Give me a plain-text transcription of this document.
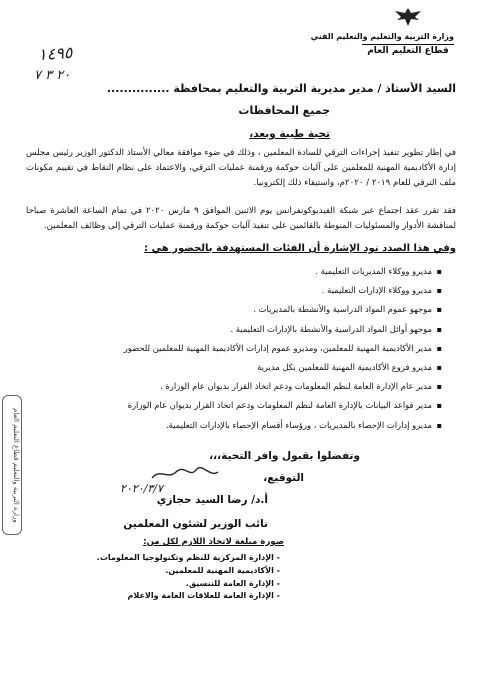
وزارة التربية والتعليم والتعليم الفني
قطاع التعليم العام
١٤٩٥
٢٠ ٣ ٧
السيد الأستاذ / مدير مديرية التربية والتعليم بمحافظة ...............
جميع المحافظات
تحية طيبة وبعد،
في إطار تطوير تنفيذ إجراءات الترقي للسادة المعلمين ، وذلك في ضوء موافقة معالي الأستاذ الدكتور الوزير رئيس مجلس إدارة الأكاديمية المهنية للمعلمين على آليات حوكمة ورقمنة عمليات الترقي، والاعتماد على نظام النقاط في تقييم مكونات ملف الترقي للعام ٢٠١٩ / ٢٠٢٠م، واستيفاء ذلك إلكترونيا.
فقد تقرر عقد اجتماع عبر شبكة الفيديوكونفرانس يوم الاثنين الموافق ٩ مارس ٢٠٢٠ في تمام الساعة العاشرة صباحا لمناقشة الأدوار والمسئوليات المنوطة بالقائمين على تنفيذ آليات حوكمة ورقمنة عمليات الترقي إلى وظائف المعلمين.
وفي هذا الصدد نود الإشارة أن الفئات المستهدفة بالحضور هي :
▪
مديرو ووكلاء المديريات التعليمية .
▪
مديرو ووكلاء الإدارات التعليمية .
▪
موجهو عموم المواد الدراسية والأنشطة بالمديريات .
▪
موجهو أوائل المواد الدراسية والأنشطة بالإدارات التعليمية .
▪
مدير الأكاديمية المهنية للمعلمين، ومديرو عموم إدارات الأكاديمية المهنية للمعلمين للحضور
▪
مديرو فروع الأكاديمية المهنية للمعلمين بكل مديرية
▪
مدير عام الإدارة العامة لنظم المعلومات ودعم اتخاذ القرار بديوان عام الوزارة .
▪
مدير قواعد البيانات بالإدارة العامة لنظم المعلومات ودعم اتخاذ القرار بديوان عام الوزارة
▪
مديرو إدارات الإحصاء بالمديريات ، ورؤساء أقسام الإحصاء بالإدارات التعليمية.
وزارة التربية والتعليم قطاع التعليم العام	وتفضلوا بقبول وافر التحية،،،
التوقيع،
٢٠٢٠/٣/٧
أ.د/ رضا السيد حجازي
نائب الوزير لشئون المعلمين
صورة مبلغة لاتخاذ اللازم لكل من:
- الإدارة المركزية للنظم وتكنولوجيا المعلومات.
- الأكاديمية المهنية للمعلمين.
- الإدارة العامة للتنسيق.
- الإدارة العامة للعلاقات العامة والاعلام
